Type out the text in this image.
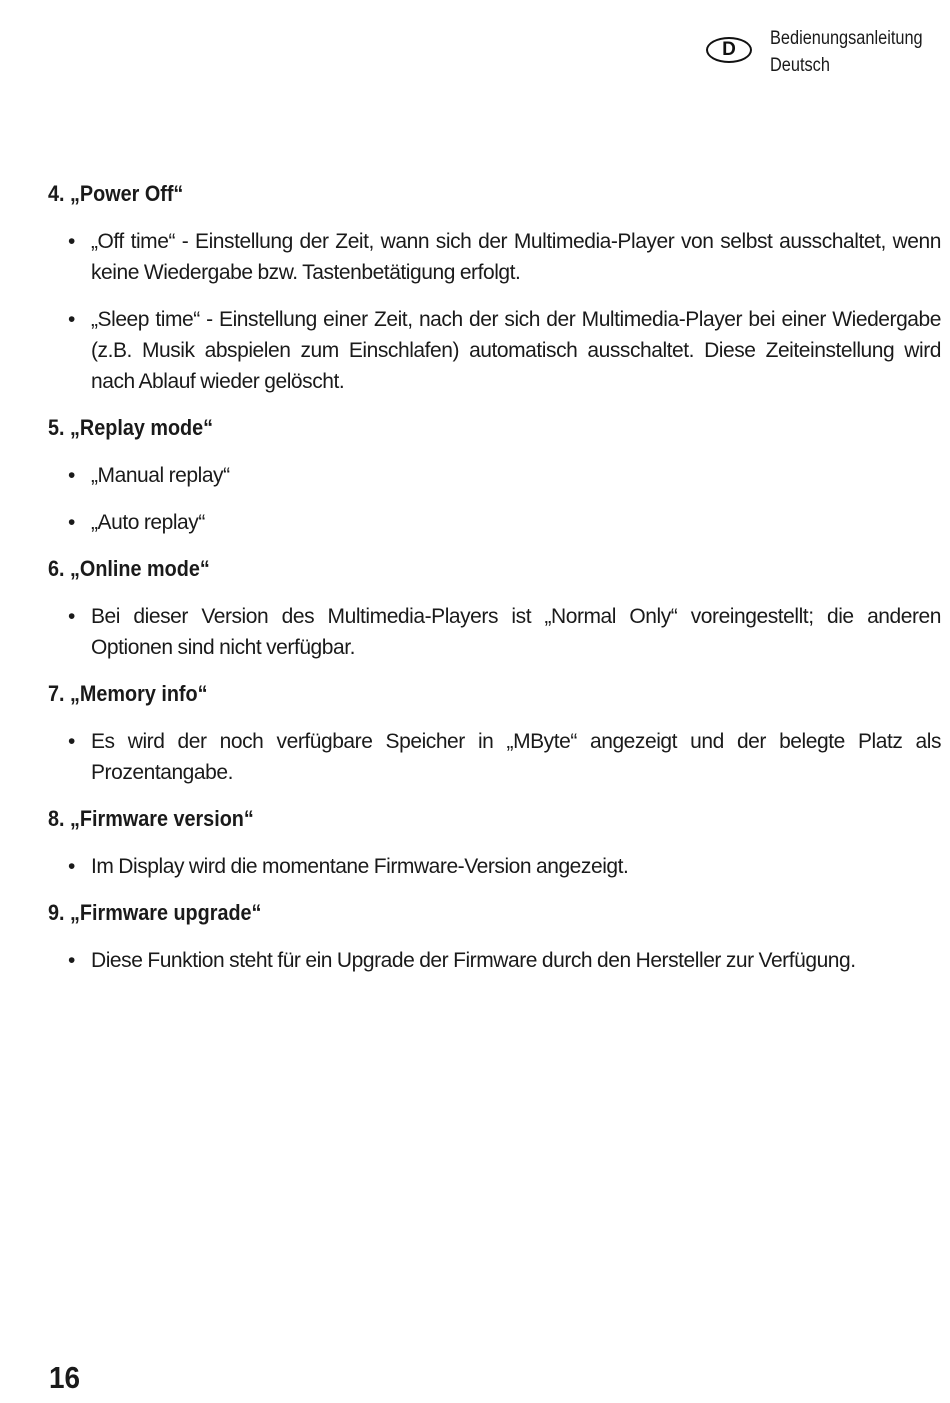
D
Bedienungsanleitung
Deutsch
4. „Power Off“
• „Off time“ - Einstellung der Zeit, wann sich der Multimedia-Player von selbst ausschaltet, wenn keine Wiedergabe bzw. Tastenbetätigung erfolgt.
• „Sleep time“ - Einstellung einer Zeit, nach der sich der Multimedia-Player bei einer Wiedergabe (z.B. Musik abspielen zum Einschlafen) automatisch ausschaltet. Diese Zeiteinstellung wird nach Ablauf wieder gelöscht.
5. „Replay mode“
• „Manual replay“
• „Auto replay“
6. „Online mode“
• Bei dieser Version des Multimedia-Players ist „Normal Only“ voreingestellt; die anderen Optionen sind nicht verfügbar.
7. „Memory info“
• Es wird der noch verfügbare Speicher in „MByte“ angezeigt und der belegte Platz als Prozentangabe.
8. „Firmware version“
• Im Display wird die momentane Firmware-Version angezeigt.
9. „Firmware upgrade“
• Diese Funktion steht für ein Upgrade der Firmware durch den Hersteller zur Verfügung.
16
